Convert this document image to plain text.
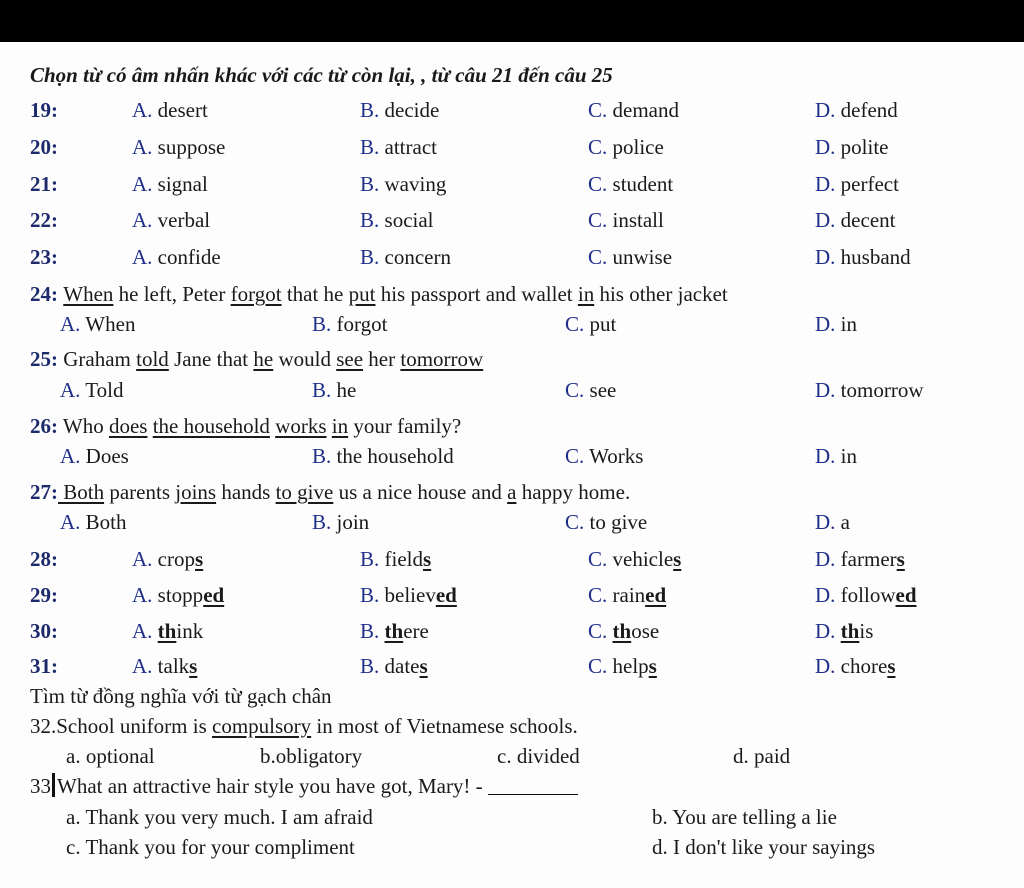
Chọn từ có âm nhấn khác với các từ còn lại, , từ câu 21 đến câu 25
19:	A. desert	B. decide	C. demand	D. defend
20:	A. suppose	B. attract	C. police	D. polite
21:	A. signal	B. waving	C. student	D. perfect
22:	A. verbal	B. social	C. install	D. decent
23:	A. confide	B. concern	C. unwise	D. husband
24: When he left, Peter forgot that he put his passport and wallet in his other jacket
A. When	B. forgot	C. put	D. in
25: Graham told Jane that he would see her tomorrow
A. Told	B. he	C. see	D. tomorrow
26: Who does the household works in your family?
A. Does	B. the household	C. Works	D. in
27: Both parents joins hands to give us a nice house and a happy home.
A. Both	B. join	C. to give	D. a
28:	A. crops	B. fields	C. vehicles	D. farmers
29:	A. stopped	B. believed	C. rained	D. followed
30:	A. think	B. there	C. those	D. this
31:	A. talks	B. dates	C. helps	D. chores
Tìm từ đồng nghĩa với từ gạch chân
32.School uniform is compulsory in most of Vietnamese schools.
a. optional	b.obligatory	c. divided	d. paid
33 What an attractive hair style you have got, Mary! -
a. Thank you very much. I am afraid	b. You are telling a lie
c. Thank you for your compliment	d. I don't like your sayings
